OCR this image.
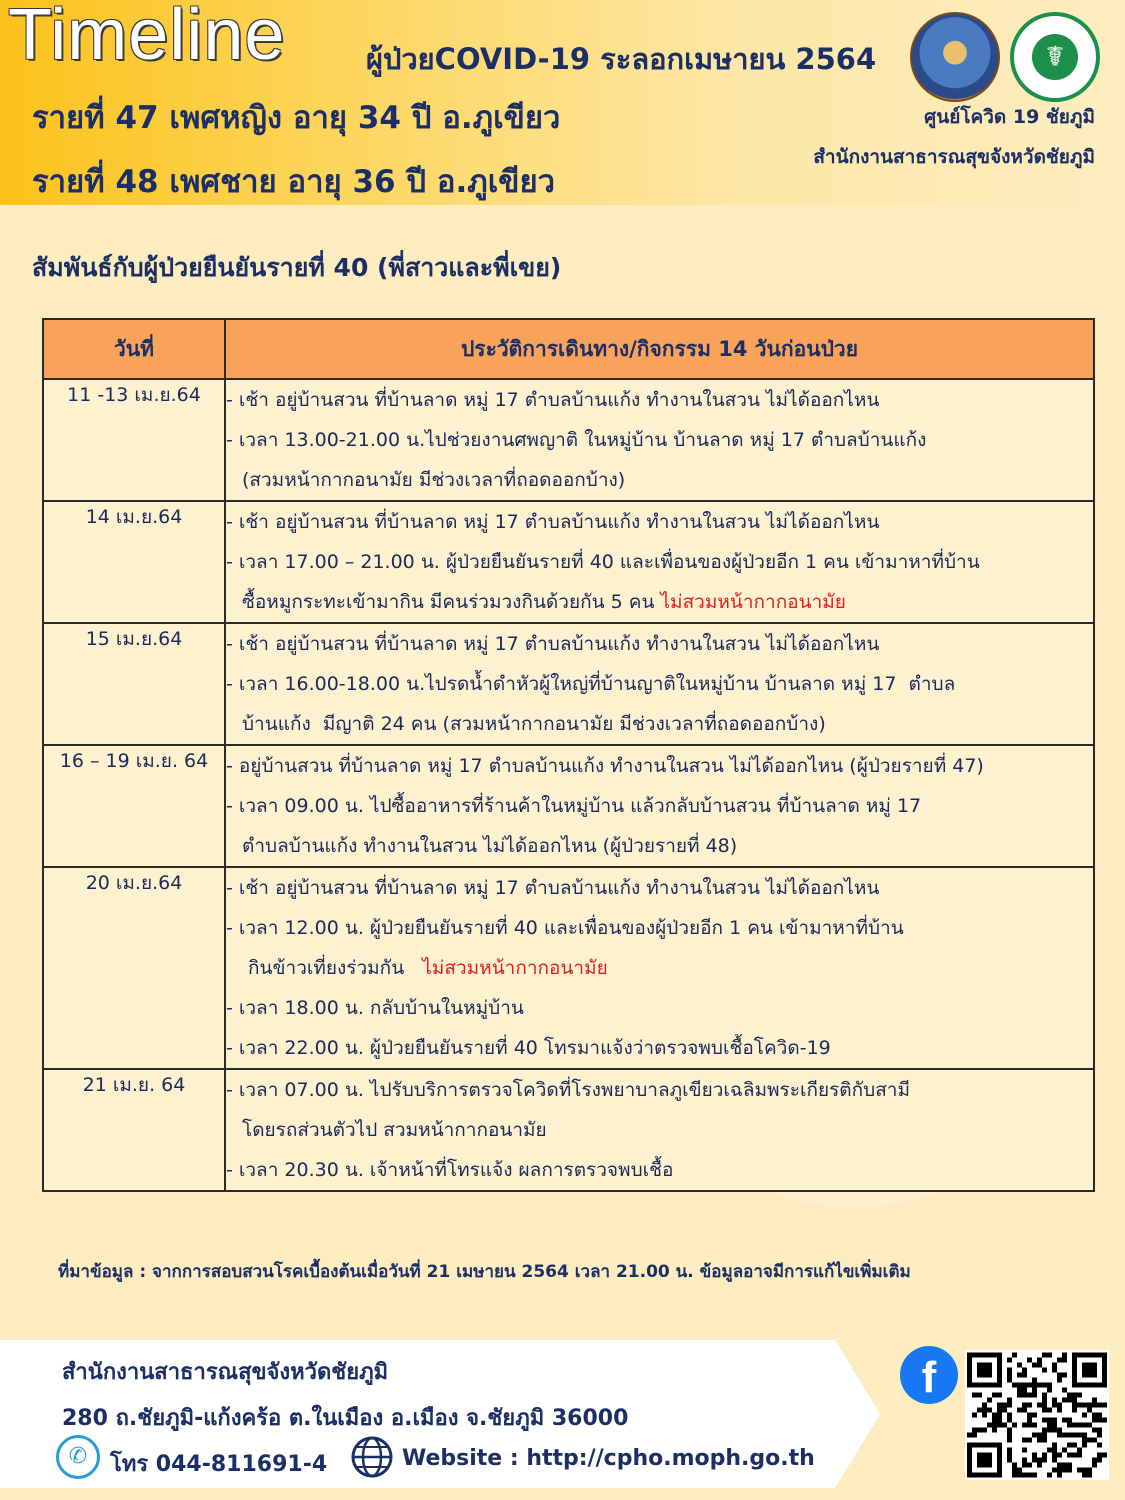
Timeline	ผู้ป่วยCOVID-19 ระลอกเมษายน 2564
รายที่ 47 เพศหญิง อายุ 34 ปี อ.ภูเขียว
รายที่ 48 เพศชาย อายุ 36 ปี อ.ภูเขียว
☤
ศูนย์โควิด 19 ชัยภูมิ
สำนักงานสาธารณสุขจังหวัดชัยภูมิ
สัมพันธ์กับผู้ป่วยยืนยันรายที่ 40 (พี่สาวและพี่เขย)
วันที่	ประวัติการเดินทาง/กิจกรรม 14 วันก่อนป่วย
11 -13 เม.ย.64	- เช้า อยู่บ้านสวน ที่บ้านลาด หมู่ 17 ตำบลบ้านแก้ง ทำงานในสวน ไม่ได้ออกไหน
- เวลา 13.00-21.00 น.ไปช่วยงานศพญาติ ในหมู่บ้าน บ้านลาด หมู่ 17 ตำบลบ้านแก้ง
(สวมหน้ากากอนามัย มีช่วงเวลาที่ถอดออกบ้าง)

14 เม.ย.64	- เช้า อยู่บ้านสวน ที่บ้านลาด หมู่ 17 ตำบลบ้านแก้ง ทำงานในสวน ไม่ได้ออกไหน
- เวลา 17.00 – 21.00 น. ผู้ป่วยยืนยันรายที่ 40 และเพื่อนของผู้ป่วยอีก 1 คน เข้ามาหาที่บ้าน
ซื้อหมูกระทะเข้ามากิน มีคนร่วมวงกินด้วยกัน 5 คน ไม่สวมหน้ากากอนามัย

15 เม.ย.64	- เช้า อยู่บ้านสวน ที่บ้านลาด หมู่ 17 ตำบลบ้านแก้ง ทำงานในสวน ไม่ได้ออกไหน
- เวลา 16.00-18.00 น.ไปรดน้ำดำหัวผู้ใหญ่ที่บ้านญาติในหมู่บ้าน บ้านลาด หมู่ 17  ตำบล
บ้านแก้ง  มีญาติ 24 คน (สวมหน้ากากอนามัย มีช่วงเวลาที่ถอดออกบ้าง)

16 – 19 เม.ย. 64	- อยู่บ้านสวน ที่บ้านลาด หมู่ 17 ตำบลบ้านแก้ง ทำงานในสวน ไม่ได้ออกไหน (ผู้ป่วยรายที่ 47)
- เวลา 09.00 น. ไปซื้ออาหารที่ร้านค้าในหมู่บ้าน แล้วกลับบ้านสวน ที่บ้านลาด หมู่ 17
ตำบลบ้านแก้ง ทำงานในสวน ไม่ได้ออกไหน (ผู้ป่วยรายที่ 48)

20 เม.ย.64	- เช้า อยู่บ้านสวน ที่บ้านลาด หมู่ 17 ตำบลบ้านแก้ง ทำงานในสวน ไม่ได้ออกไหน
- เวลา 12.00 น. ผู้ป่วยยืนยันรายที่ 40 และเพื่อนของผู้ป่วยอีก 1 คน เข้ามาหาที่บ้าน
กินข้าวเที่ยงร่วมกัน   ไม่สวมหน้ากากอนามัย
- เวลา 18.00 น. กลับบ้านในหมู่บ้าน
- เวลา 22.00 น. ผู้ป่วยยืนยันรายที่ 40 โทรมาแจ้งว่าตรวจพบเชื้อโควิด-19

21 เม.ย. 64	- เวลา 07.00 น. ไปรับบริการตรวจโควิดที่โรงพยาบาลภูเขียวเฉลิมพระเกียรติกับสามี
โดยรถส่วนตัวไป สวมหน้ากากอนามัย
- เวลา 20.30 น. เจ้าหน้าที่โทรแจ้ง ผลการตรวจพบเชื้อ
ที่มาข้อมูล : จากการสอบสวนโรคเบื้องต้นเมื่อวันที่ 21 เมษายน 2564 เวลา 21.00 น. ข้อมูลอาจมีการแก้ไขเพิ่มเติม
สำนักงานสาธารณสุขจังหวัดชัยภูมิ
280 ถ.ชัยภูมิ-แก้งคร้อ ต.ในเมือง อ.เมือง จ.ชัยภูมิ 36000
✆	โทร 044-811691-4	Website : http://cpho.moph.go.th
f
